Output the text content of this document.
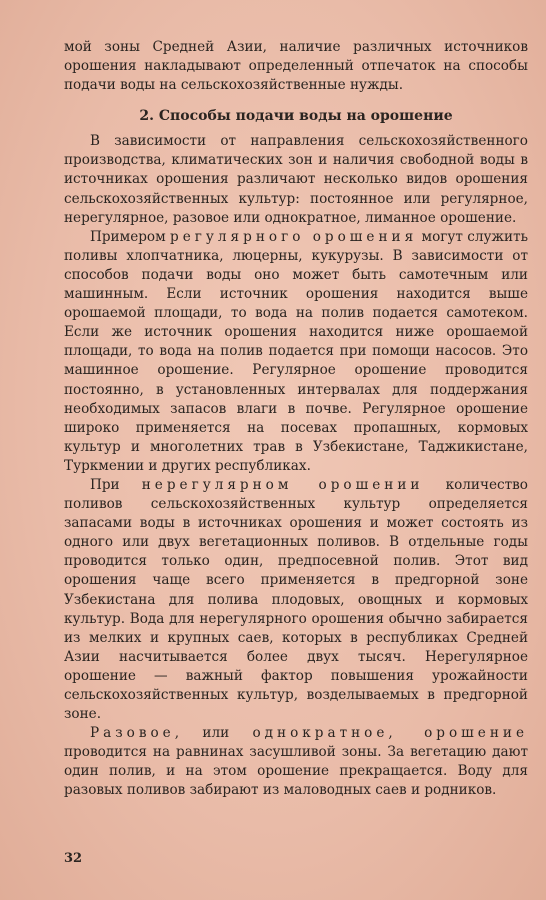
мой зоны Средней Азии, наличие различных источников орошения накладывают определенный отпечаток на способы подачи воды на сельскохозяйственные нужды.

2. Способы подачи воды на орошение

В зависимости от направления сельскохозяйственного производства, климатических зон и наличия свободной воды в источниках орошения различают несколько видов орошения сельскохозяйственных культур: постоянное или регулярное, нерегулярное, разовое или однократное, лиманное орошение.

Примером регулярного орошения могут служить поливы хлопчатника, люцерны, кукурузы. В зависимости от способов подачи воды оно может быть самотечным или машинным. Если источник орошения находится выше орошаемой площади, то вода на полив подается самотеком. Если же источник орошения находится ниже орошаемой площади, то вода на полив подается при помощи насосов. Это машинное орошение. Регулярное орошение проводится постоянно, в установленных интервалах для поддержания необходимых запасов влаги в почве. Регулярное орошение широко применяется на посевах пропашных, кормовых культур и многолетних трав в Узбекистане, Таджикистане, Туркмении и других республиках.

При нерегулярном орошении количество поливов сельскохозяйственных культур определяется запасами воды в источниках орошения и может состоять из одного или двух вегетационных поливов. В отдельные годы проводится только один, предпосевной полив. Этот вид орошения чаще всего применяется в предгорной зоне Узбекистана для полива плодовых, овощных и кормовых культур. Вода для нерегулярного орошения обычно забирается из мелких и крупных саев, которых в республиках Средней Азии насчитывается более двух тысяч. Нерегулярное орошение — важный фактор повышения урожайности сельскохозяйственных культур, возделываемых в предгорной зоне.

Разовое, или однократное, орошение проводится на равнинах засушливой зоны. За вегетацию дают один полив, и на этом орошение прекращается. Воду для разовых поливов забирают из маловодных саев и родников.

32
